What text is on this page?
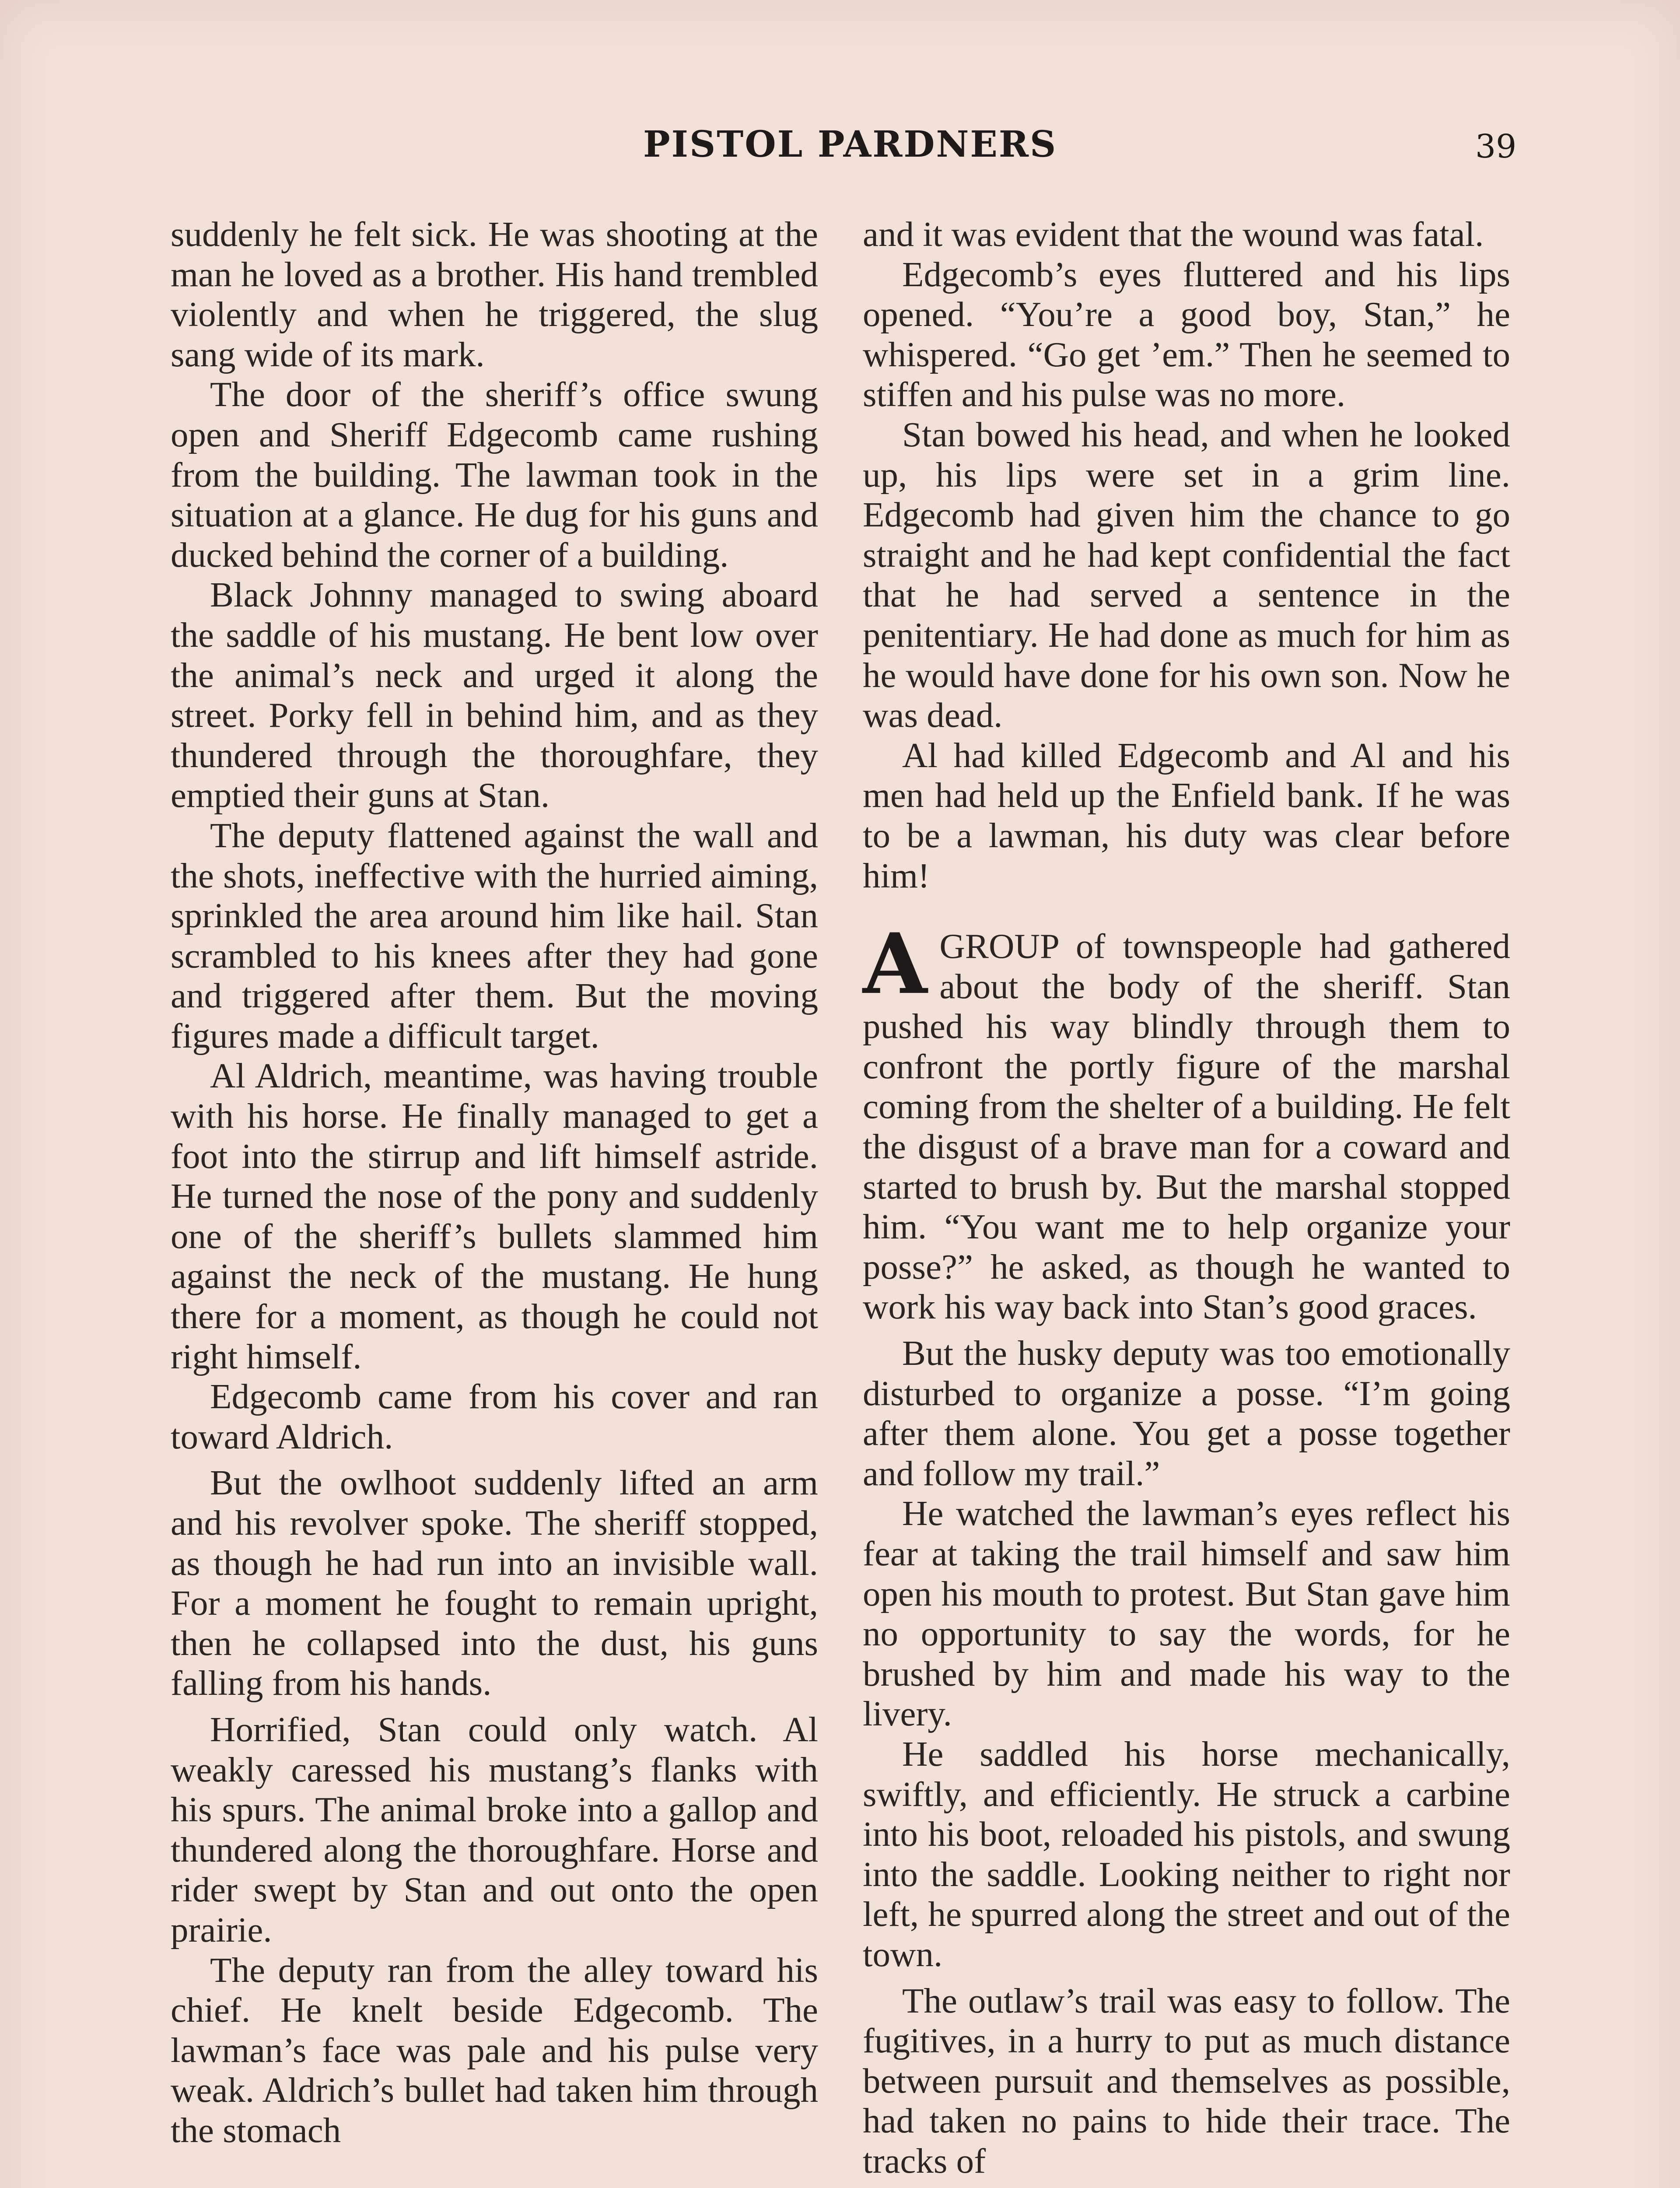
PISTOL PARDNERS	39

suddenly he felt sick. He was shooting at the man he loved as a brother. His hand trembled violently and when he triggered, the slug sang wide of its mark.

The door of the sheriff’s office swung open and Sheriff Edgecomb came rushing from the building. The lawman took in the situation at a glance. He dug for his guns and ducked behind the corner of a building.

Black Johnny managed to swing aboard the saddle of his mustang. He bent low over the animal’s neck and urged it along the street. Porky fell in behind him, and as they thundered through the thoroughfare, they emptied their guns at Stan.

The deputy flattened against the wall and the shots, ineffective with the hurried aiming, sprinkled the area around him like hail. Stan scrambled to his knees after they had gone and triggered after them. But the moving figures made a difficult target.

Al Aldrich, meantime, was having trouble with his horse. He finally managed to get a foot into the stirrup and lift himself astride. He turned the nose of the pony and suddenly one of the sheriff’s bullets slammed him against the neck of the mustang. He hung there for a moment, as though he could not right himself.

Edgecomb came from his cover and ran toward Aldrich.

But the owlhoot suddenly lifted an arm and his revolver spoke. The sheriff stopped, as though he had run into an invisible wall. For a moment he fought to remain upright, then he collapsed into the dust, his guns falling from his hands.

Horrified, Stan could only watch. Al weakly caressed his mustang’s flanks with his spurs. The animal broke into a gallop and thundered along the thoroughfare. Horse and rider swept by Stan and out onto the open prairie.

The deputy ran from the alley toward his chief. He knelt beside Edgecomb. The lawman’s face was pale and his pulse very weak. Aldrich’s bullet had taken him through the stomach

and it was evident that the wound was fatal.

Edgecomb’s eyes fluttered and his lips opened. “You’re a good boy, Stan,” he whispered. “Go get ’em.” Then he seemed to stiffen and his pulse was no more.

Stan bowed his head, and when he looked up, his lips were set in a grim line. Edgecomb had given him the chance to go straight and he had kept confidential the fact that he had served a sentence in the penitentiary. He had done as much for him as he would have done for his own son. Now he was dead.

Al had killed Edgecomb and Al and his men had held up the Enfield bank. If he was to be a lawman, his duty was clear before him!

AGROUP of townspeople had gathered about the body of the sheriff. Stan pushed his way blindly through them to confront the portly figure of the marshal coming from the shelter of a building. He felt the disgust of a brave man for a coward and started to brush by. But the marshal stopped him. “You want me to help organize your posse?” he asked, as though he wanted to work his way back into Stan’s good graces.

But the husky deputy was too emotionally disturbed to organize a posse. “I’m going after them alone. You get a posse together and follow my trail.”

He watched the lawman’s eyes reflect his fear at taking the trail himself and saw him open his mouth to protest. But Stan gave him no opportunity to say the words, for he brushed by him and made his way to the livery.

He saddled his horse mechanically, swiftly, and efficiently. He struck a carbine into his boot, reloaded his pistols, and swung into the saddle. Looking neither to right nor left, he spurred along the street and out of the town.

The outlaw’s trail was easy to follow. The fugitives, in a hurry to put as much distance between pursuit and themselves as possible, had taken no pains to hide their trace. The tracks of
